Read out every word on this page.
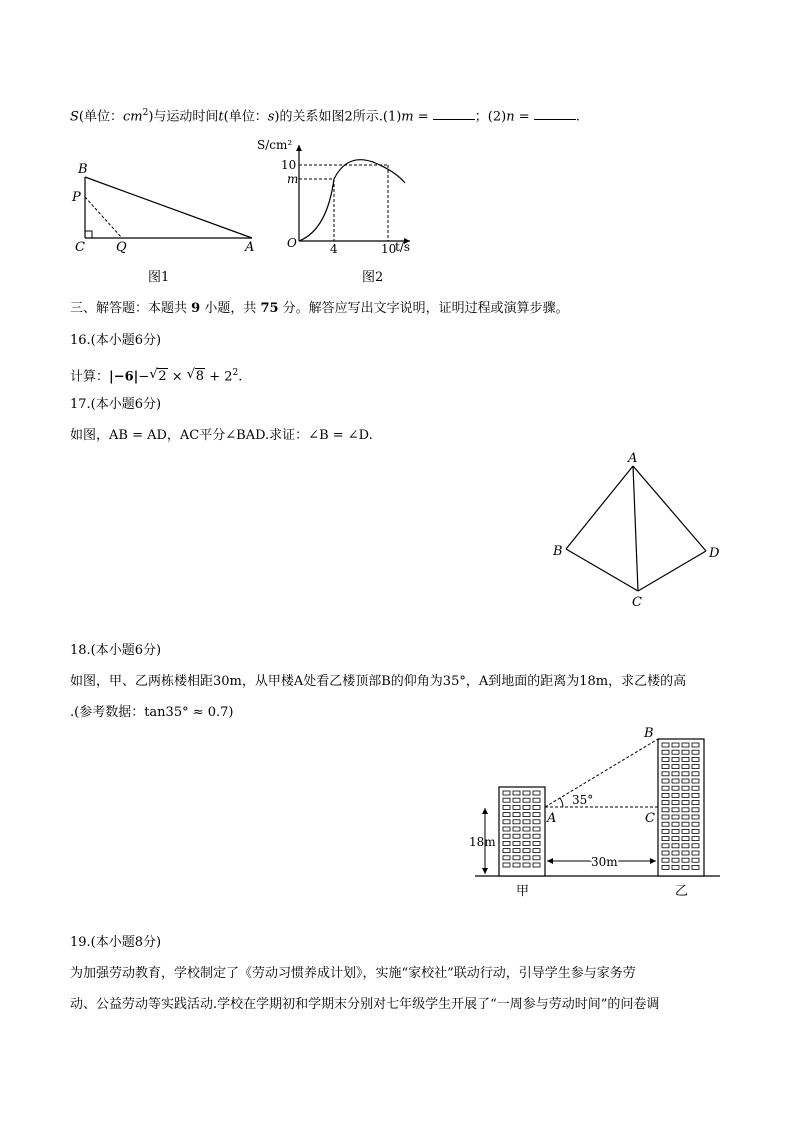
S(单位：$cm^2$)与运动时间t(单位：s)的关系如图2所示.(1)m =	；(2)n =	.
B
P
C Q	A
图1
S/cm²
t/s
O
10
m
4	10
图2
三、解答题：本题共 9 小题，共 75 分。解答应写出文字说明，证明过程或演算步骤。
16.(本小题6分)
计算：|−6|− √ 2 × √ $8 + 2^2$.
17.(本小题6分)
如图，AB = AD，AC平分∠BAD.求证：∠B = ∠D.
A
B
C
D
18.(本小题6分)
如图，甲、乙两栋楼相距30m，从甲楼A处看乙楼顶部B的仰角为35°，A到地面的距离为18m，求乙楼的高
.(参考数据：tan35° ≈ 0.7)
B
A	C
35°
18m
30m
甲	乙
19.(本小题8分)
为加强劳动教育，学校制定了《劳动习惯养成计划》，实施“家校社”联动行动，引导学生参与家务劳
动、公益劳动等实践活动.学校在学期初和学期末分别对七年级学生开展了“一周参与劳动时间”的问卷调
